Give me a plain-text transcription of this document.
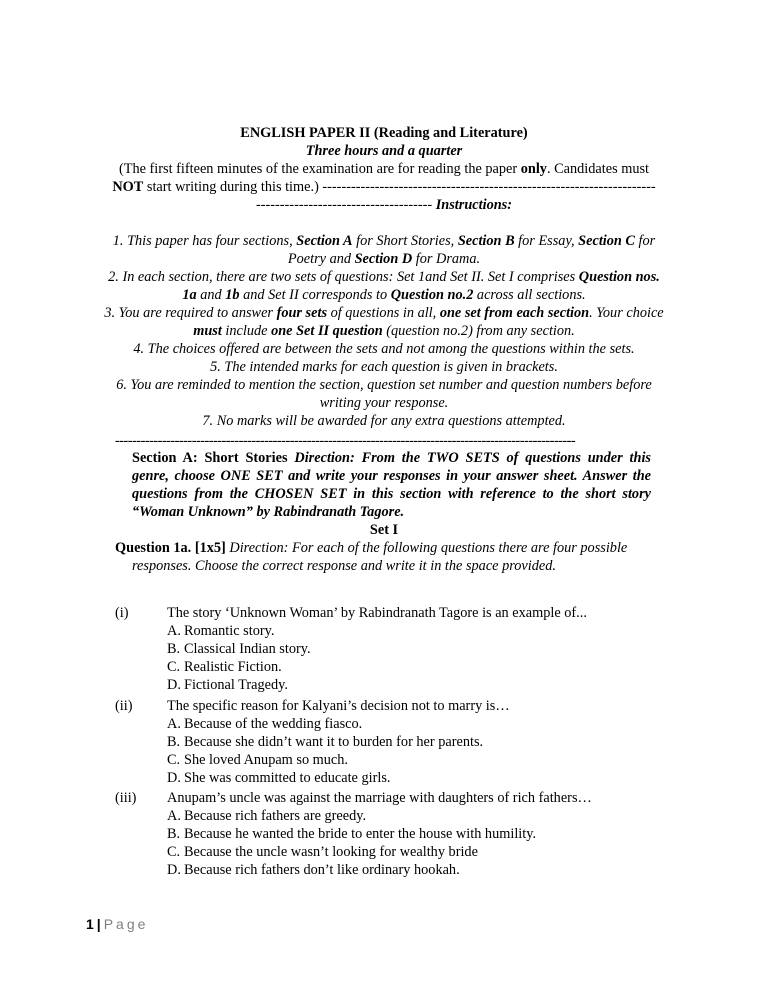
ENGLISH PAPER II (Reading and Literature)
Three hours and a quarter
(The first fifteen minutes of the examination are for reading the paper only. Candidates must
NOT start writing during this time.) ----------------------------------------------------------------------
------------------------------------- Instructions:

1. This paper has four sections, Section A for Short Stories, Section B for Essay, Section C for Poetry and Section D for Drama.

2. In each section, there are two sets of questions: Set 1and Set II. Set I comprises Question nos. 1a and 1b and Set II corresponds to Question no.2 across all sections.

3. You are required to answer four sets of questions in all, one set from each section. Your choice must include one Set II question (question no.2) from any section.

4. The choices offered are between the sets and not among the questions within the sets.

5. The intended marks for each question is given in brackets.

6. You are reminded to mention the section, question set number and question numbers before writing your response.

7. No marks will be awarded for any extra questions attempted.

------------------------------------------------------------------------------------------------------------
Section A: Short Stories Direction: From the TWO SETS of questions under this genre, choose ONE SET and write your responses in your answer sheet. Answer the questions from the CHOSEN SET in this section with reference to the short story “Woman Unknown” by Rabindranath Tagore.
Set I
Question 1a. [1x5] Direction: For each of the following questions there are four possible
responses. Choose the correct response and write it in the space provided.
(i)	The story ‘Unknown Woman’ by Rabindranath Tagore is an example of...
A. Romantic story.
B. Classical Indian story.
C. Realistic Fiction.
D. Fictional Tragedy.
(ii) The specific reason for Kalyani’s decision not to marry is…
A. Because of the wedding fiasco.
B. Because she didn’t want it to burden for her parents.
C. She loved Anupam so much.
D. She was committed to educate girls.
(iii) Anupam’s uncle was against the marriage with daughters of rich fathers…
A. Because rich fathers are greedy.
B. Because he wanted the bride to enter the house with humility.
C. Because the uncle wasn’t looking for wealthy bride
D. Because rich fathers don’t like ordinary hookah.
1 | Page
